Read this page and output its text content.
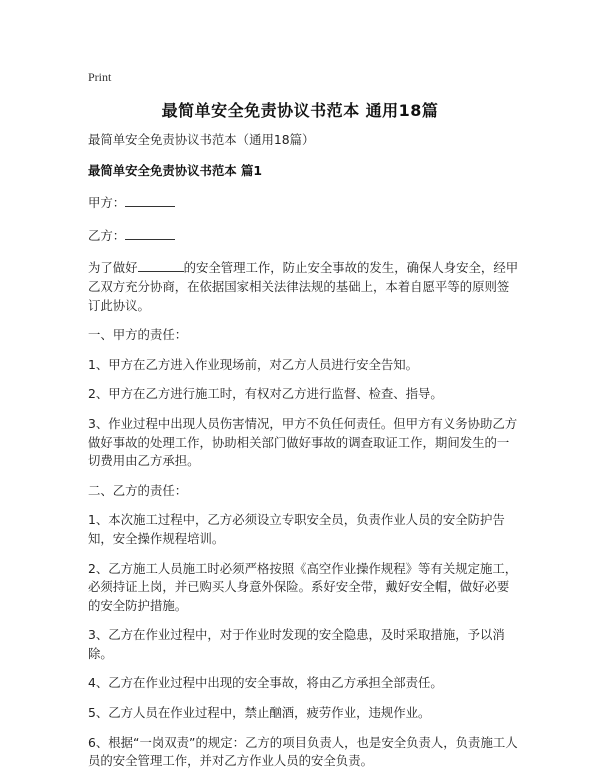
Print
最简单安全免责协议书范本 通用18篇
最简单安全免责协议书范本（通用18篇）
最简单安全免责协议书范本 篇1
甲方：
乙方：
为了做好	的安全管理工作，防止安全事故的发生，确保人身安全，经甲乙双方充分协商，在依据国家相关法律法规的基础上，本着自愿平等的原则签订此协议。
一、甲方的责任：
1、甲方在乙方进入作业现场前，对乙方人员进行安全告知。
2、甲方在乙方进行施工时，有权对乙方进行监督、检查、指导。
3、作业过程中出现人员伤害情况，甲方不负任何责任。但甲方有义务协助乙方做好事故的处理工作，协助相关部门做好事故的调查取证工作，期间发生的一切费用由乙方承担。
二、乙方的责任：
1、本次施工过程中，乙方必须设立专职安全员，负责作业人员的安全防护告知，安全操作规程培训。
2、乙方施工人员施工时必须严格按照《高空作业操作规程》等有关规定施工，必须持证上岗，并已购买人身意外保险。系好安全带，戴好安全帽，做好必要的安全防护措施。
3、乙方在作业过程中，对于作业时发现的安全隐患，及时采取措施，予以消除。
4、乙方在作业过程中出现的安全事故，将由乙方承担全部责任。
5、乙方人员在作业过程中，禁止酗酒，疲劳作业，违规作业。
6、根据“一岗双责”的规定：乙方的项目负责人，也是安全负责人，负责施工人员的安全管理工作，并对乙方作业人员的安全负责。
